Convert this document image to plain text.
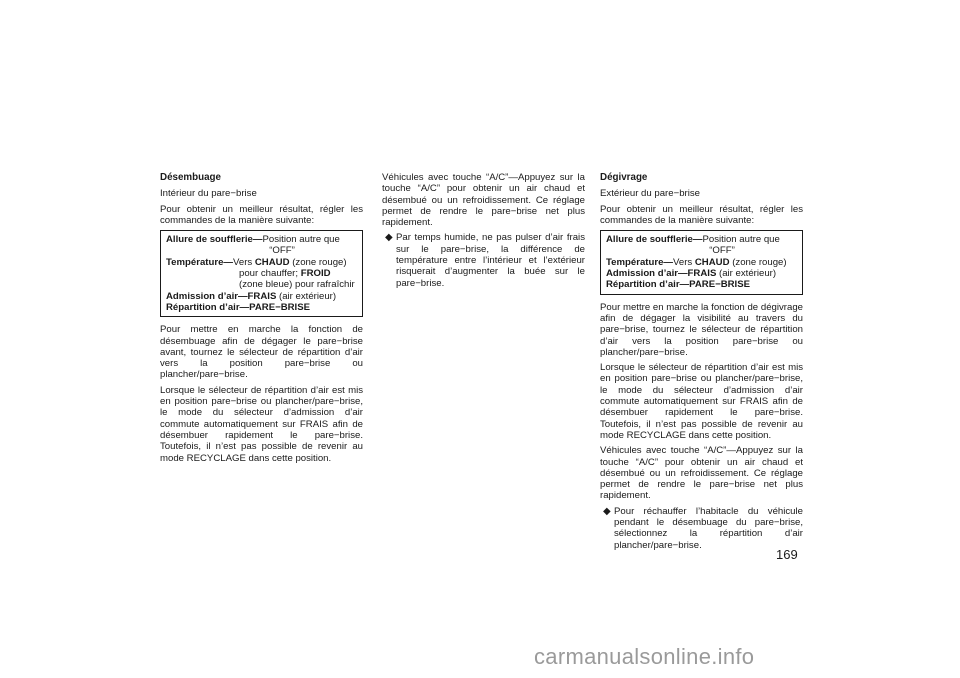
Désembuage
Intérieur du pare−brise

Pour obtenir un meilleur résultat, régler les commandes de la manière suivante:

Allure de soufflerie—Position autre que
“OFF”
Température—Vers CHAUD (zone rouge)
pour chauffer; FROID
(zone bleue) pour rafraîchir
Admission d’air—FRAIS (air extérieur)
Répartition d’air—PARE−BRISE

Pour mettre en marche la fonction de désembuage afin de dégager le pare−brise avant, tournez le sélecteur de répartition d’air vers la position pare−brise ou plancher/pare−brise.

Lorsque le sélecteur de répartition d’air est mis en position pare−brise ou plancher/pare−brise, le mode du sélecteur d’admission d’air commute automatiquement sur FRAIS afin de désembuer rapidement le pare−brise. Toutefois, il n’est pas possible de revenir au mode RECYCLAGE dans cette position.

Véhicules avec touche “A/C”—Appuyez sur la touche “A/C” pour obtenir un air chaud et désembué ou un refroidissement. Ce réglage permet de rendre le pare−brise net plus rapidement.

◆ Par temps humide, ne pas pulser d’air frais sur le pare−brise, la différence de température entre l’intérieur et l’extérieur risquerait d’augmenter la buée sur le pare−brise.
Dégivrage
Extérieur du pare−brise

Pour obtenir un meilleur résultat, régler les commandes de la manière suivante:

Allure de soufflerie—Position autre que
“OFF”
Température—Vers CHAUD (zone rouge)
Admission d’air—FRAIS (air extérieur)
Répartition d’air—PARE−BRISE

Pour mettre en marche la fonction de dégivrage afin de dégager la visibilité au travers du pare−brise, tournez le sélecteur de répartition d’air vers la position pare−brise ou plancher/pare−brise.

Lorsque le sélecteur de répartition d’air est mis en position pare−brise ou plancher/pare−brise, le mode du sélecteur d’admission d’air commute automatiquement sur FRAIS afin de désembuer rapidement le pare−brise. Toutefois, il n’est pas possible de revenir au mode RECYCLAGE dans cette position.

Véhicules avec touche “A/C”—Appuyez sur la touche “A/C” pour obtenir un air chaud et désembué ou un refroidissement. Ce réglage permet de rendre le pare−brise net plus rapidement.

◆ Pour réchauffer l’habitacle du véhicule pendant le désembuage du pare−brise, sélectionnez la répartition d’air plancher/pare−brise.
169
carmanualsonline.info
